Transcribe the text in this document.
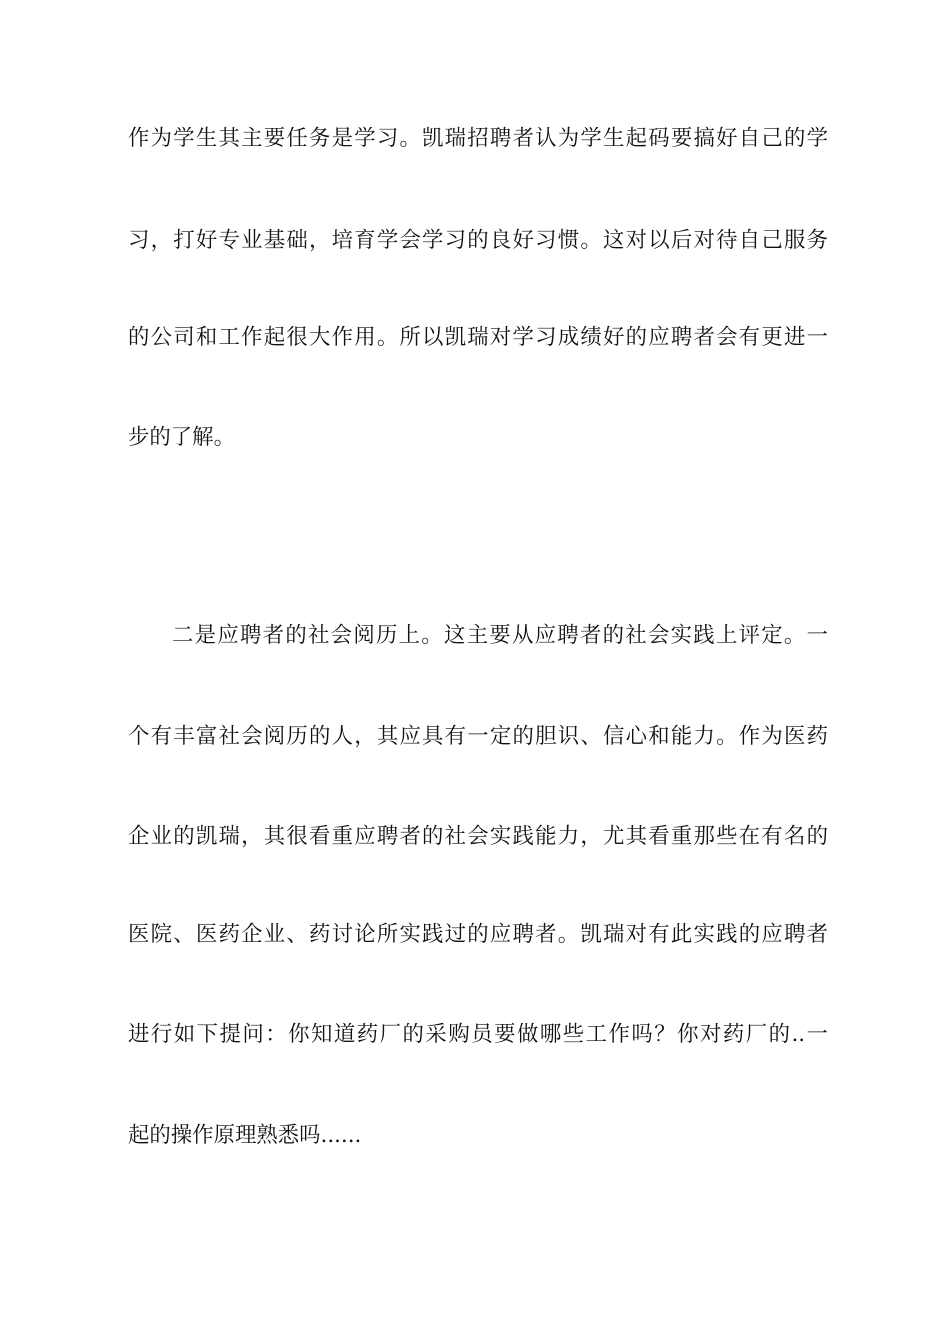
作为学生其主要任务是学习。凯瑞招聘者认为学生起码要搞好自己的学
习，打好专业基础，培育学会学习的良好习惯。这对以后对待自己服务
的公司和工作起很大作用。所以凯瑞对学习成绩好的应聘者会有更进一
步的了解。
二是应聘者的社会阅历上。这主要从应聘者的社会实践上评定。一
个有丰富社会阅历的人，其应具有一定的胆识、信心和能力。作为医药
企业的凯瑞，其很看重应聘者的社会实践能力，尤其看重那些在有名的
医院、医药企业、药讨论所实践过的应聘者。凯瑞对有此实践的应聘者
进行如下提问：你知道药厂的采购员要做哪些工作吗？你对药厂的..一
起的操作原理熟悉吗......
